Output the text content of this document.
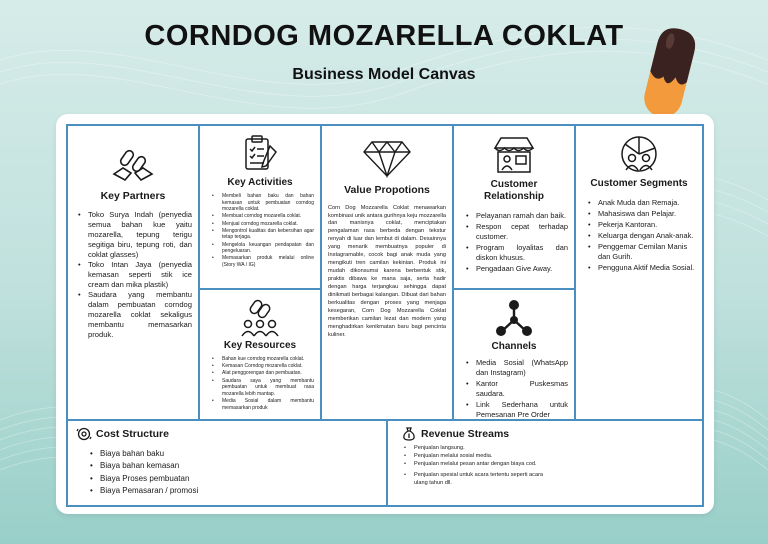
CORNDOG MOZARELLA COKLAT
Business Model Canvas
Key Partners
• Toko Surya Indah (penyedia semua bahan kue yaitu mozarella, tepung terigu segitiga biru, tepung roti, dan coklat glasses)
• Toko Intan Jaya (penyedia kemasan seperti stik ice cream dan mika plastik)
• Saudara yang membantu dalam pembuatan corndog mozarella coklat sekaligus membantu memasarkan produk.
Key Activities
• Membeli bahan baku dan bahan kemasan untuk pembuatan corndog mozarella coklat.
• Membuat corndog mozarella coklat.
• Menjual corndog mozarella coklat.
• Mengontrol kualitas dan kebersihan agar tetap terjaga.
• Mengelola keuangan pendapatan dan pengeluaran.
• Memasarkan produk melalui online (Story WA / IG)
Key Resources
• Bahan kue corndog mozarella coklat.
• Kemasan Corndog mozarella coklat.
• Alat penggorengan dan pembuatan.
• Saudara saya yang membantu pembuatan untuk membuat rasa mozarella lebih mantap.
• Media Sosial dalam membantu memasarkan produk
Value Propotions

Corn Dog Mozzarella Coklat menawarkan kombinasi unik antara gurihnya keju mozzarella dan manisnya coklat, menciptakan pengalaman rasa berbeda dengan tekstur renyah di luar dan lembut di dalam. Desainnya yang menarik membuatnya populer di Instagramable, cocok bagi anak muda yang mengikuti tren camilan kekinian. Produk ini mudah dikonsumsi karena berbentuk stik, praktis dibawa ke mana saja, serta hadir dengan harga terjangkau sehingga dapat dinikmati berbagai kalangan. Dibuat dari bahan berkualitas dengan proses yang menjaga kesegaran, Corn Dog Mozzarella Coklat memberikan camilan lezat dan modern yang menghadirkan kenikmatan baru bagi pencinta kuliner.

Customer Relationship
• Pelayanan ramah dan baik.
• Respon cepat terhadap customer.
• Program loyalitas dan diskon khusus.
• Pengadaan Give Away.
Channels
• Media Sosial (WhatsApp dan Instagram)
• Kantor Puskesmas saudara.
• Link Sederhana untuk Pemesanan Pre Order
Customer Segments
• Anak Muda dan Remaja.
• Mahasiswa dan Pelajar.
• Pekerja Kantoran.
• Keluarga dengan Anak-anak.
• Penggemar Cemilan Manis dan Gurih.
• Pengguna Aktif Media Sosial.
Cost Structure
• Biaya bahan baku
• Biaya bahan kemasan
• Biaya Proses pembuatan
• Biaya Pemasaran / promosi
Revenue Streams
• Penjualan langsung.
• Penjualan melalui sosial media.
• Penjualan melalui pesan antar dengan biaya cod.
• Penjualan spesial untuk acara tertentu seperti acara ulang tahun dll.
